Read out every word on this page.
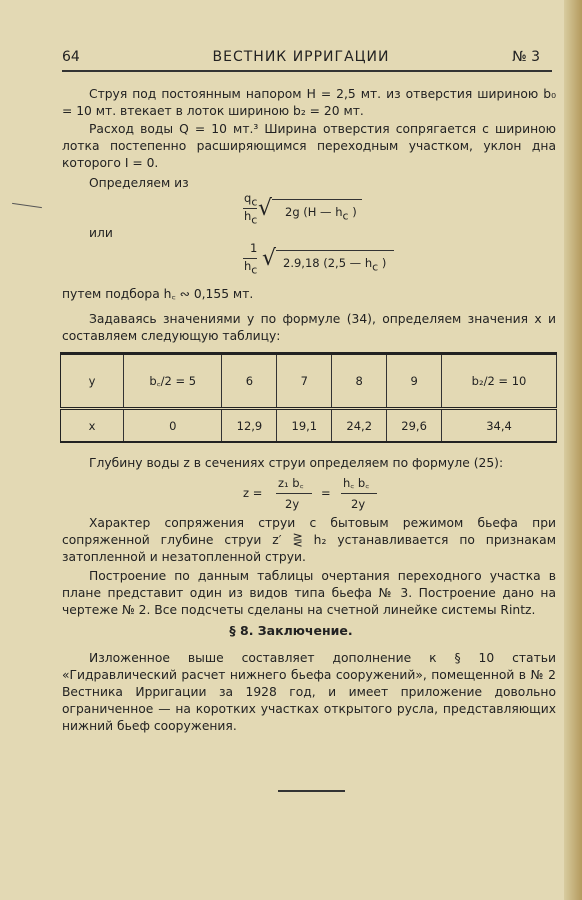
64	ВЕСТНИК ИРРИГАЦИИ	№ 3
Струя под постоянным напором H = 2,5 мт. из отверстия шириною b₀ = 10 мт. втекает в лоток шириною b₂ = 20 мт.
Расход воды Q = 10 мт.³ Ширина отверстия сопрягается с шириною лотка постепенно расширяющимся переходным участком, уклон дна которого I = 0.
Определяем из
$q_c$
$h_c$ √ 2g (H — $h_c$ )
или
1
$h_c$ √ 2.9,18 (2,5 — $h_c$ )
путем подбора h꜀ ∾ 0,155 мт.
Задаваясь значениями y по формуле (34), определяем значения x и составляем следующую таблицу:
y	b꜀/2 = 5	6	7	8	9	b₂/2 = 10
x	0	12,9	19,1	24,2	29,6	34,4
Глубину воды z в сечениях струи определяем по формуле (25):
z =
z₁ b꜀
2y
=
h꜀ b꜀
2y
Характер сопряжения струи с бытовым режимом бьефа при сопряженной глубине струи z′ ⋛ h₂ устанавливается по признакам затопленной и незатопленной струи.
Построение по данным таблицы очертания переходного участка в плане представит один из видов типа бьефа № 3. Построение дано на чертеже № 2. Все подсчеты сделаны на счетной линейке системы Rintz.
§ 8. Заключение.
Изложенное выше составляет дополнение к § 10 статьи «Гидравлический расчет нижнего бьефа сооружений», помещенной в № 2 Вестника Ирригации за 1928 год, и имеет приложение довольно ограниченное — на коротких участках открытого русла, представляющих нижний бьеф сооружения.
